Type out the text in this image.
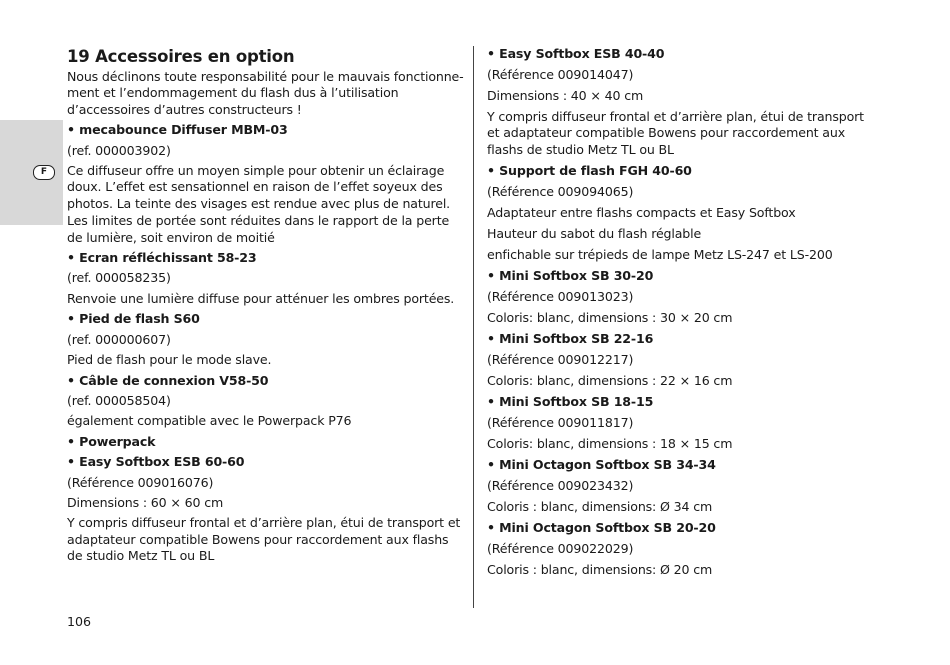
F
19 Accessoires en option

Nous déclinons toute responsabilité pour le mauvais fonctionne-ment et l’endommagement du flash dus à l’utilisation d’accessoires d’autres constructeurs !

• mecabounce Diffuser MBM-03

(ref. 000003902)

Ce diffuseur offre un moyen simple pour obtenir un éclairage doux. L’effet est sensationnel en raison de l’effet soyeux des photos. La teinte des visages est rendue avec plus de naturel.

Les limites de portée sont réduites dans le rapport de la perte de lumière, soit environ de moitié

• Ecran réfléchissant 58-23

(ref. 000058235)

Renvoie une lumière diffuse pour atténuer les ombres portées.

• Pied de flash S60

(ref. 000000607)

Pied de flash pour le mode slave.

• Câble de connexion V58-50

(ref. 000058504)

également compatible avec le Powerpack P76

• Powerpack

• Easy Softbox ESB 60-60

(Référence 009016076)

Dimensions : 60 × 60 cm

Y compris diffuseur frontal et d’arrière plan, étui de transport et adaptateur compatible Bowens pour raccordement aux flashs de studio Metz TL ou BL

• Easy Softbox ESB 40-40

(Référence 009014047)

Dimensions : 40 × 40 cm

Y compris diffuseur frontal et d’arrière plan, étui de transport et adaptateur compatible Bowens pour raccordement aux flashs de studio Metz TL ou BL

• Support de flash FGH 40-60

(Référence 009094065)

Adaptateur entre flashs compacts et Easy Softbox

Hauteur du sabot du flash réglable

enfichable sur trépieds de lampe Metz LS-247 et LS-200

• Mini Softbox SB 30-20

(Référence 009013023)

Coloris: blanc, dimensions : 30 × 20 cm

• Mini Softbox SB 22-16

(Référence 009012217)

Coloris: blanc, dimensions : 22 × 16 cm

• Mini Softbox SB 18-15

(Référence 009011817)

Coloris: blanc, dimensions : 18 × 15 cm

• Mini Octagon Softbox SB 34-34

(Référence 009023432)

Coloris : blanc, dimensions: Ø 34 cm

• Mini Octagon Softbox SB 20-20

(Référence 009022029)

Coloris : blanc, dimensions: Ø 20 cm

106
